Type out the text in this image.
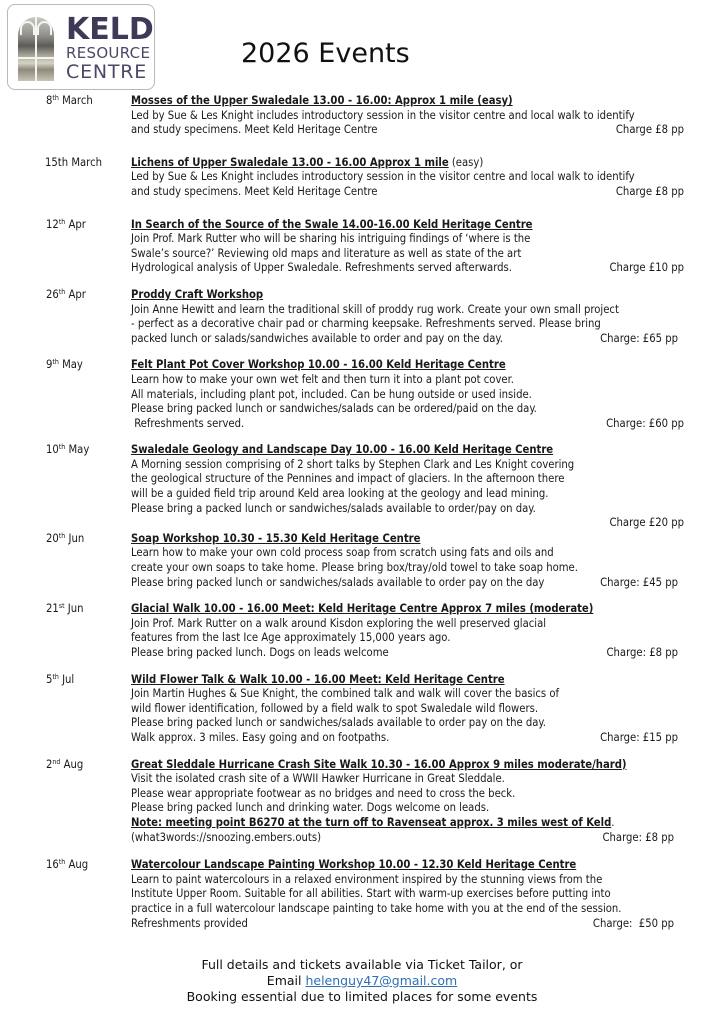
KELD
RESOURCE
CENTRE
2026 Events
8th March	Mosses of the Upper Swaledale 13.00 - 16.00: Approx 1 mile (easy)
Led by Sue & Les Knight includes introductory session in the visitor centre and local walk to identify
and study specimens. Meet Keld Heritage Centre	Charge £8 pp
15th March	Lichens of Upper Swaledale 13.00 - 16.00 Approx 1 mile (easy)
Led by Sue & Les Knight includes introductory session in the visitor centre and local walk to identify
and study specimens. Meet Keld Heritage Centre	Charge £8 pp
12th Apr	In Search of the Source of the Swale 14.00-16.00 Keld Heritage Centre
Join Prof. Mark Rutter who will be sharing his intriguing findings of ‘where is the
Swale’s source?’ Reviewing old maps and literature as well as state of the art
Hydrological analysis of Upper Swaledale. Refreshments served afterwards.	Charge £10 pp
26th Apr	Proddy Craft Workshop
Join Anne Hewitt and learn the traditional skill of proddy rug work. Create your own small project
- perfect as a decorative chair pad or charming keepsake. Refreshments served. Please bring
packed lunch or salads/sandwiches available to order and pay on the day.	Charge: £65 pp
9th May	Felt Plant Pot Cover Workshop 10.00 - 16.00 Keld Heritage Centre
Learn how to make your own wet felt and then turn it into a plant pot cover.
All materials, including plant pot, included. Can be hung outside or used inside.
Please bring packed lunch or sandwiches/salads can be ordered/paid on the day.
Refreshments served.	Charge: £60 pp
10th May	Swaledale Geology and Landscape Day 10.00 - 16.00 Keld Heritage Centre
A Morning session comprising of 2 short talks by Stephen Clark and Les Knight covering
the geological structure of the Pennines and impact of glaciers. In the afternoon there
will be a guided field trip around Keld area looking at the geology and lead mining.
Please bring a packed lunch or sandwiches/salads available to order/pay on day.
Charge £20 pp
20th Jun	Soap Workshop 10.30 - 15.30 Keld Heritage Centre
Learn how to make your own cold process soap from scratch using fats and oils and
create your own soaps to take home. Please bring box/tray/old towel to take soap home.
Please bring packed lunch or sandwiches/salads available to order pay on the day	Charge: £45 pp
21st Jun	Glacial Walk 10.00 - 16.00 Meet: Keld Heritage Centre Approx 7 miles (moderate)
Join Prof. Mark Rutter on a walk around Kisdon exploring the well preserved glacial
features from the last Ice Age approximately 15,000 years ago.
Please bring packed lunch. Dogs on leads welcome	Charge: £8 pp
5th Jul	Wild Flower Talk & Walk 10.00 - 16.00 Meet: Keld Heritage Centre
Join Martin Hughes & Sue Knight, the combined talk and walk will cover the basics of
wild flower identification, followed by a field walk to spot Swaledale wild flowers.
Please bring packed lunch or sandwiches/salads available to order pay on the day.
Walk approx. 3 miles. Easy going and on footpaths.	Charge: £15 pp
2nd Aug	Great Sleddale Hurricane Crash Site Walk 10.30 - 16.00 Approx 9 miles moderate/hard)
Visit the isolated crash site of a WWII Hawker Hurricane in Great Sleddale.
Please wear appropriate footwear as no bridges and need to cross the beck.
Please bring packed lunch and drinking water. Dogs welcome on leads.
Note: meeting point B6270 at the turn off to Ravenseat approx. 3 miles west of Keld.
(what3words://snoozing.embers.outs)	Charge: £8 pp
16th Aug	Watercolour Landscape Painting Workshop 10.00 - 12.30 Keld Heritage Centre
Learn to paint watercolours in a relaxed environment inspired by the stunning views from the
Institute Upper Room. Suitable for all abilities. Start with warm-up exercises before putting into
practice in a full watercolour landscape painting to take home with you at the end of the session.
Refreshments provided	Charge:  £50 pp
Full details and tickets available via Ticket Tailor, or
Email helenguy47@gmail.com
Booking essential due to limited places for some events
